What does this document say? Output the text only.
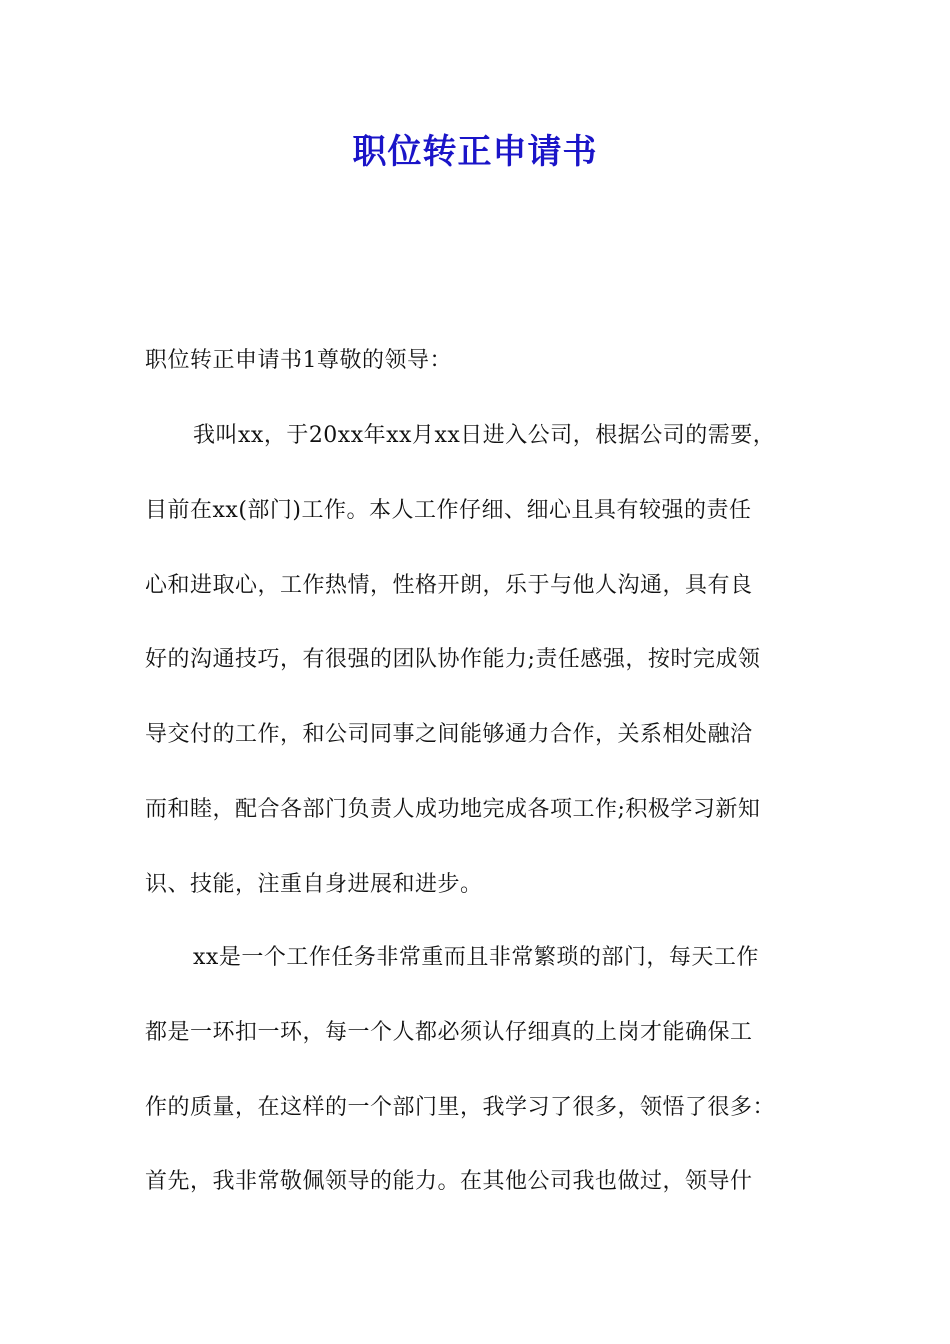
职位转正申请书
职位转正申请书1尊敬的领导：
我叫xx，于20xx年xx月xx日进入公司，根据公司的需要，
目前在xx(部门)工作。本人工作仔细、细心且具有较强的责任
心和进取心，工作热情，性格开朗，乐于与他人沟通，具有良
好的沟通技巧，有很强的团队协作能力;责任感强，按时完成领
导交付的工作，和公司同事之间能够通力合作，关系相处融洽
而和睦，配合各部门负责人成功地完成各项工作;积极学习新知
识、技能，注重自身进展和进步。
xx是一个工作任务非常重而且非常繁琐的部门，每天工作
都是一环扣一环，每一个人都必须认仔细真的上岗才能确保工
作的质量，在这样的一个部门里，我学习了很多，领悟了很多：
首先，我非常敬佩领导的能力。在其他公司我也做过，领导什
